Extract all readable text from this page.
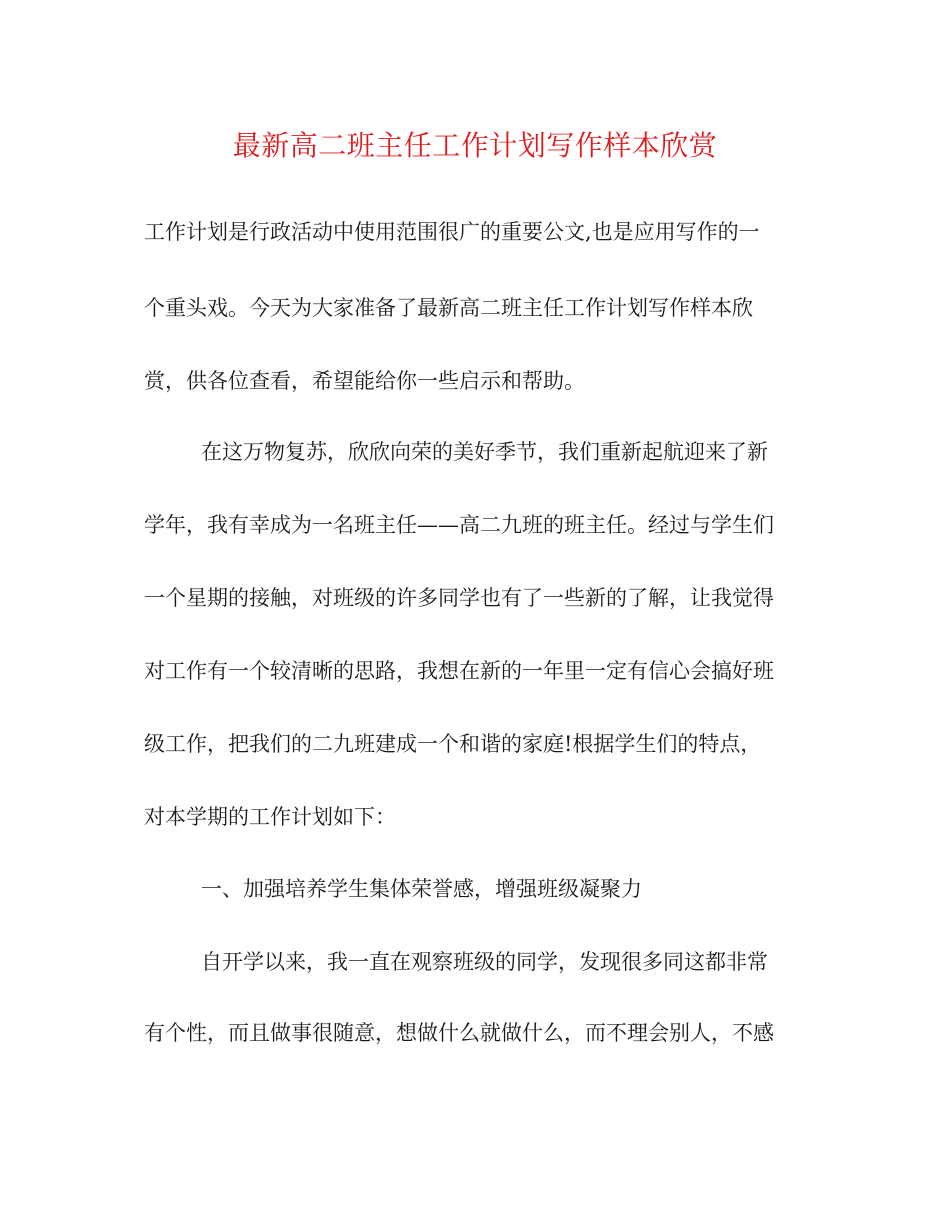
最新高二班主任工作计划写作样本欣赏
工作计划是行政活动中使用范围很广的重要公文,也是应用写作的一
个重头戏。今天为大家准备了最新高二班主任工作计划写作样本欣
赏，供各位查看，希望能给你一些启示和帮助。
在这万物复苏，欣欣向荣的美好季节，我们重新起航迎来了新
学年，我有幸成为一名班主任——高二九班的班主任。经过与学生们
一个星期的接触，对班级的许多同学也有了一些新的了解，让我觉得
对工作有一个较清晰的思路，我想在新的一年里一定有信心会搞好班
级工作，把我们的二九班建成一个和谐的家庭!根据学生们的特点，
对本学期的工作计划如下：
一、加强培养学生集体荣誉感，增强班级凝聚力
自开学以来，我一直在观察班级的同学，发现很多同这都非常
有个性，而且做事很随意，想做什么就做什么，而不理会别人，不感
